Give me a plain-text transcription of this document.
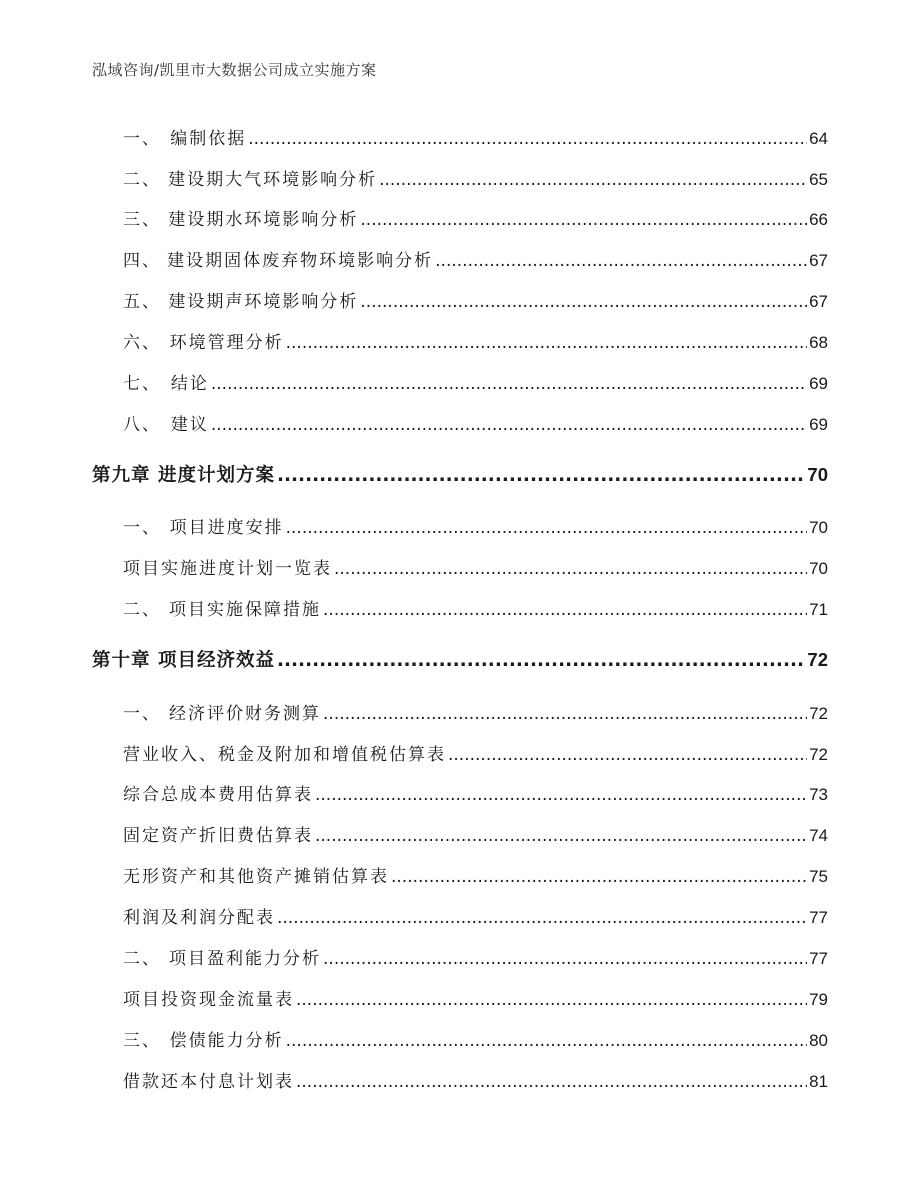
泓域咨询/凯里市大数据公司成立实施方案
一、 编制依据 .....	64
二、 建设期大气环境影响分析 .....	65
三、 建设期水环境影响分析 .....	66
四、 建设期固体废弃物环境影响分析 .....	67
五、 建设期声环境影响分析 .....	67
六、 环境管理分析 .....	68
七、 结论 .....	69
八、 建议 .....	69
第九章 进度计划方案 .....	70
一、 项目进度安排 .....	70
项目实施进度计划一览表 .....	70
二、 项目实施保障措施 .....	71
第十章 项目经济效益 .....	72
一、 经济评价财务测算 .....	72
营业收入、税金及附加和增值税估算表 .....	72
综合总成本费用估算表 .....	73
固定资产折旧费估算表 .....	74
无形资产和其他资产摊销估算表 .....	75
利润及利润分配表 .....	77
二、 项目盈利能力分析 .....	77
项目投资现金流量表 .....	79
三、 偿债能力分析 .....	80
借款还本付息计划表 .....	81
